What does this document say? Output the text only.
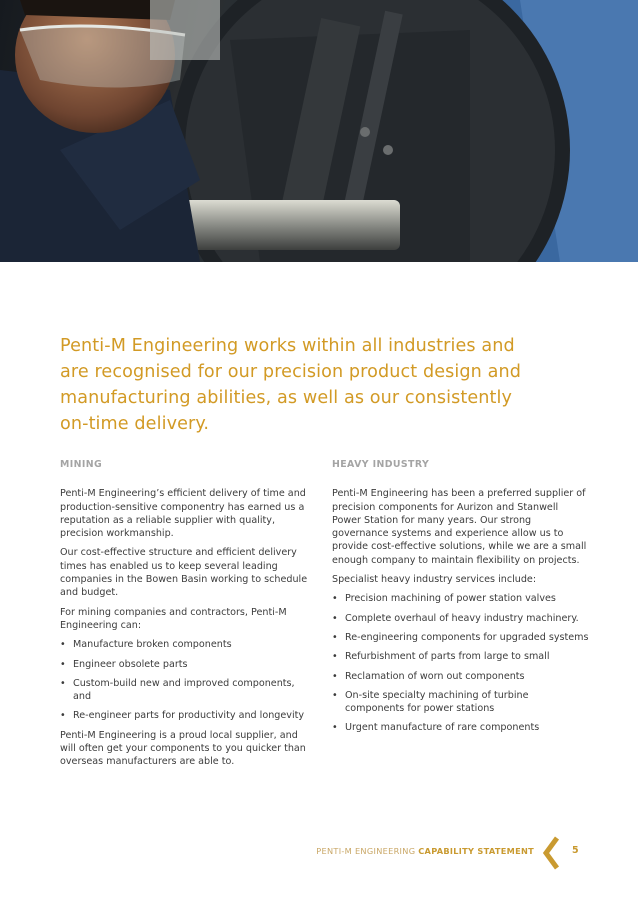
Penti-M Engineering works within all industries and are recognised for our precision product design and manufacturing abilities, as well as our consistently on-time delivery.
MINING

Penti-M Engineering’s efficient delivery of time and production-sensitive componentry has earned us a reputation as a reliable supplier with quality, precision workmanship.

Our cost-effective structure and efficient delivery times has enabled us to keep several leading companies in the Bowen Basin working to schedule and budget.

For mining companies and contractors, Penti-M Engineering can:

• Manufacture broken components
• Engineer obsolete parts
• Custom-build new and improved components, and
• Re-engineer parts for productivity and longevity

Penti-M Engineering is a proud local supplier, and will often get your components to you quicker than overseas manufacturers are able to.

HEAVY INDUSTRY

Penti-M Engineering has been a preferred supplier of precision components for Aurizon and Stanwell Power Station for many years. Our strong governance systems and experience allow us to provide cost-effective solutions, while we are a small enough company to maintain flexibility on projects.

Specialist heavy industry services include:

• Precision machining of power station valves
• Complete overhaul of heavy industry machinery.
• Re-engineering components for upgraded systems
• Refurbishment of parts from large to small
• Reclamation of worn out components
• On-site specialty machining of turbine components for power stations
• Urgent manufacture of rare components
PENTI-M ENGINEERING CAPABILITY STATEMENT	5
